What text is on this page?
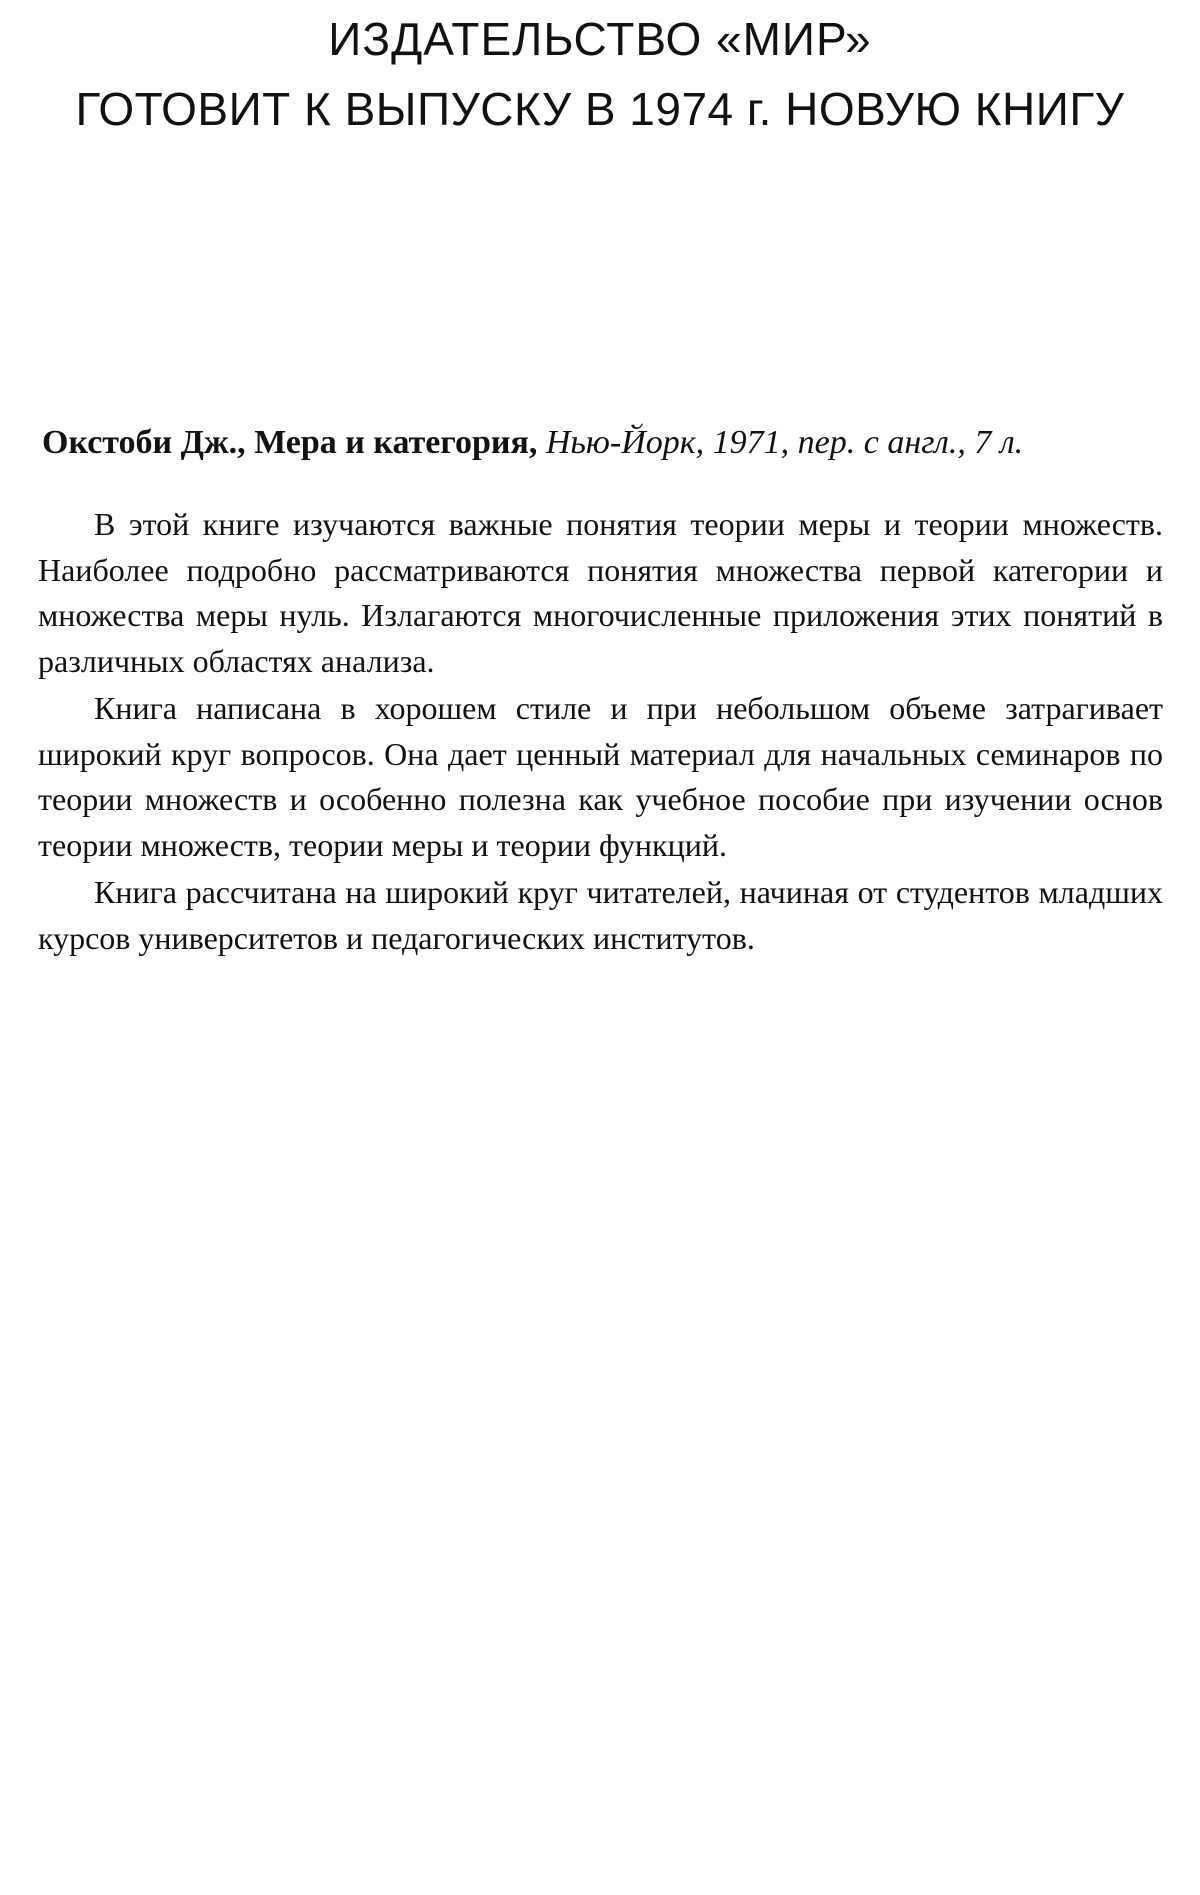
ИЗДАТЕЛЬСТВО «МИР»
ГОТОВИТ К ВЫПУСКУ В 1974 г. НОВУЮ КНИГУ
Окстоби Дж., Мера и категория, Нью-Йорк, 1971, пер. с англ., 7 л.

В этой книге изучаются важные понятия теории меры и теории множеств. Наиболее подробно рассматриваются понятия множества первой категории и множества меры нуль. Излагаются многочисленные приложения этих понятий в различных областях анализа.

Книга написана в хорошем стиле и при небольшом объеме затрагивает широкий круг вопросов. Она дает ценный материал для начальных семинаров по теории множеств и особенно полезна как учебное пособие при изучении основ теории множеств, теории меры и теории функций.

Книга рассчитана на широкий круг читателей, начиная от студентов младших курсов университетов и педагогических институтов.
